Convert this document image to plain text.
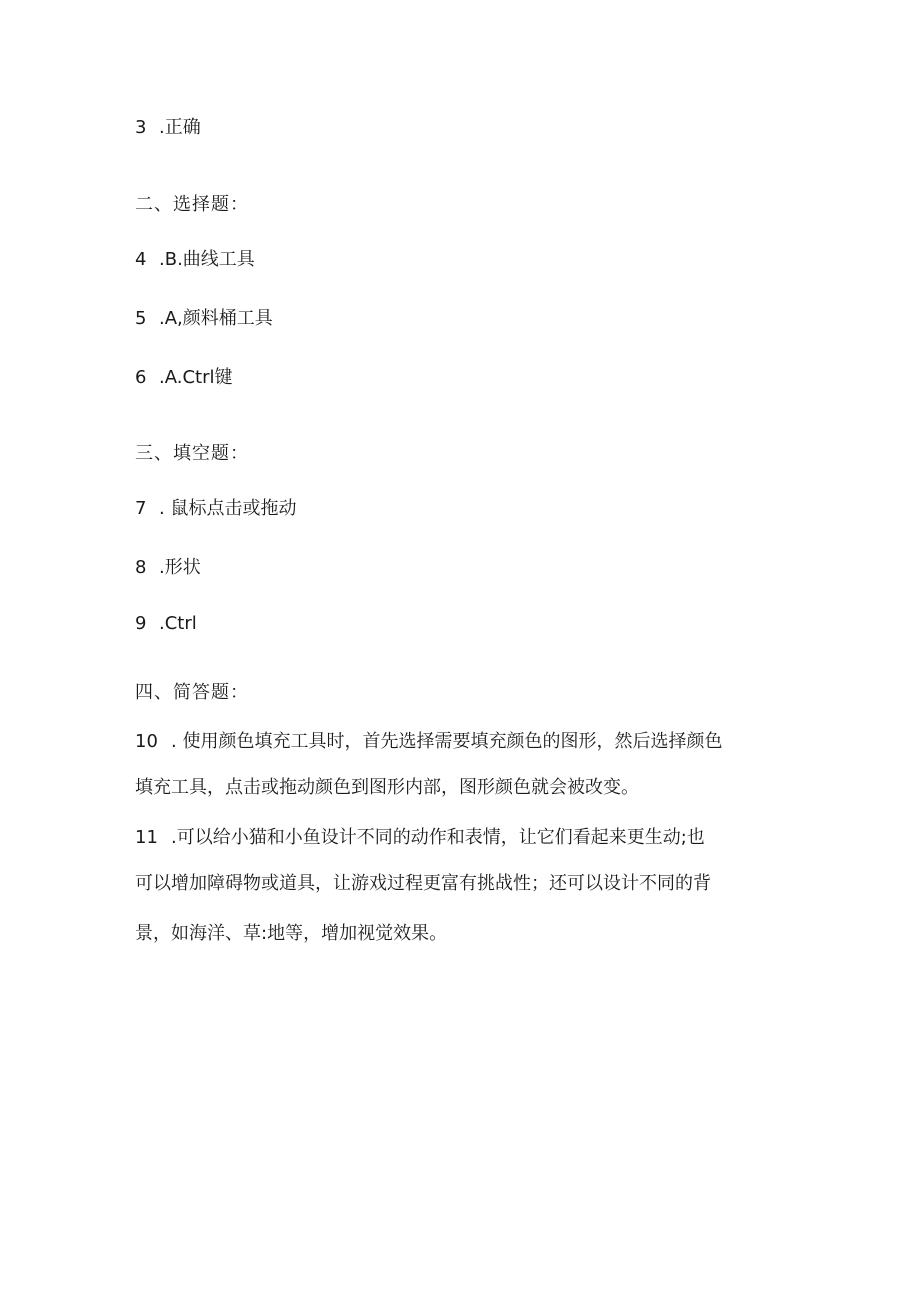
3 .正确
二、选择题：
4 .B.曲线工具
5 .A,颜料桶工具
6 .A.Ctrl键
三、填空题：
7 . 鼠标点击或拖动
8 .形状
9 .Ctrl
四、简答题：
10 . 使用颜色填充工具时，首先选择需要填充颜色的图形，然后选择颜色
填充工具，点击或拖动颜色到图形内部，图形颜色就会被改变。
11 .可以给小猫和小鱼设计不同的动作和表情，让它们看起来更生动;也
可以增加障碍物或道具，让游戏过程更富有挑战性；还可以设计不同的背
景，如海洋、草:地等，增加视觉效果。
